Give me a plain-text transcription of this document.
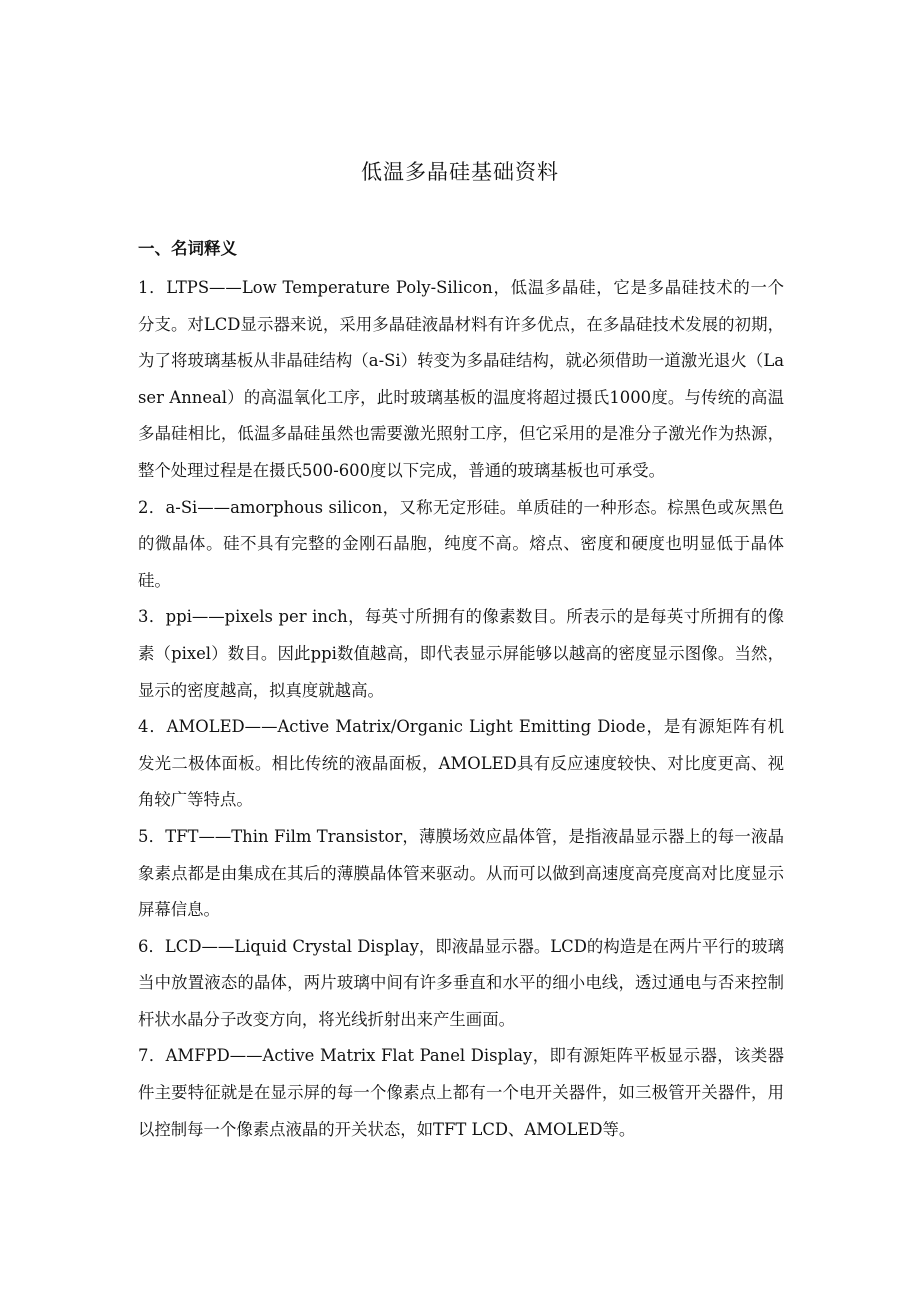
低温多晶硅基础资料
一、名词释义

1．LTPS——Low Temperature Poly-Silicon，低温多晶硅，它是多晶硅技术的一个分支。对LCD显示器来说，采用多晶硅液晶材料有许多优点，在多晶硅技术发展的初期，为了将玻璃基板从非晶硅结构（a-Si）转变为多晶硅结构，就必须借助一道激光退火（Laser Anneal）的高温氧化工序，此时玻璃基板的温度将超过摄氏1000度。与传统的高温多晶硅相比，低温多晶硅虽然也需要激光照射工序，但它采用的是准分子激光作为热源，整个处理过程是在摄氏500-600度以下完成，普通的玻璃基板也可承受。

2．a-Si——amorphous silicon，又称无定形硅。单质硅的一种形态。棕黑色或灰黑色的微晶体。硅不具有完整的金刚石晶胞，纯度不高。熔点、密度和硬度也明显低于晶体硅。

3．ppi——pixels per inch，每英寸所拥有的像素数目。所表示的是每英寸所拥有的像素（pixel）数目。因此ppi数值越高，即代表显示屏能够以越高的密度显示图像。当然，显示的密度越高，拟真度就越高。

4．AMOLED——Active Matrix/Organic Light Emitting Diode，是有源矩阵有机发光二极体面板。相比传统的液晶面板，AMOLED具有反应速度较快、对比度更高、视角较广等特点。

5．TFT——Thin Film Transistor，薄膜场效应晶体管，是指液晶显示器上的每一液晶象素点都是由集成在其后的薄膜晶体管来驱动。从而可以做到高速度高亮度高对比度显示屏幕信息。

6．LCD——Liquid Crystal Display，即液晶显示器。LCD的构造是在两片平行的玻璃当中放置液态的晶体，两片玻璃中间有许多垂直和水平的细小电线，透过通电与否来控制杆状水晶分子改变方向，将光线折射出来产生画面。

7．AMFPD——Active Matrix Flat Panel Display，即有源矩阵平板显示器，该类器件主要特征就是在显示屏的每一个像素点上都有一个电开关器件，如三极管开关器件，用以控制每一个像素点液晶的开关状态，如TFT LCD、AMOLED等。
